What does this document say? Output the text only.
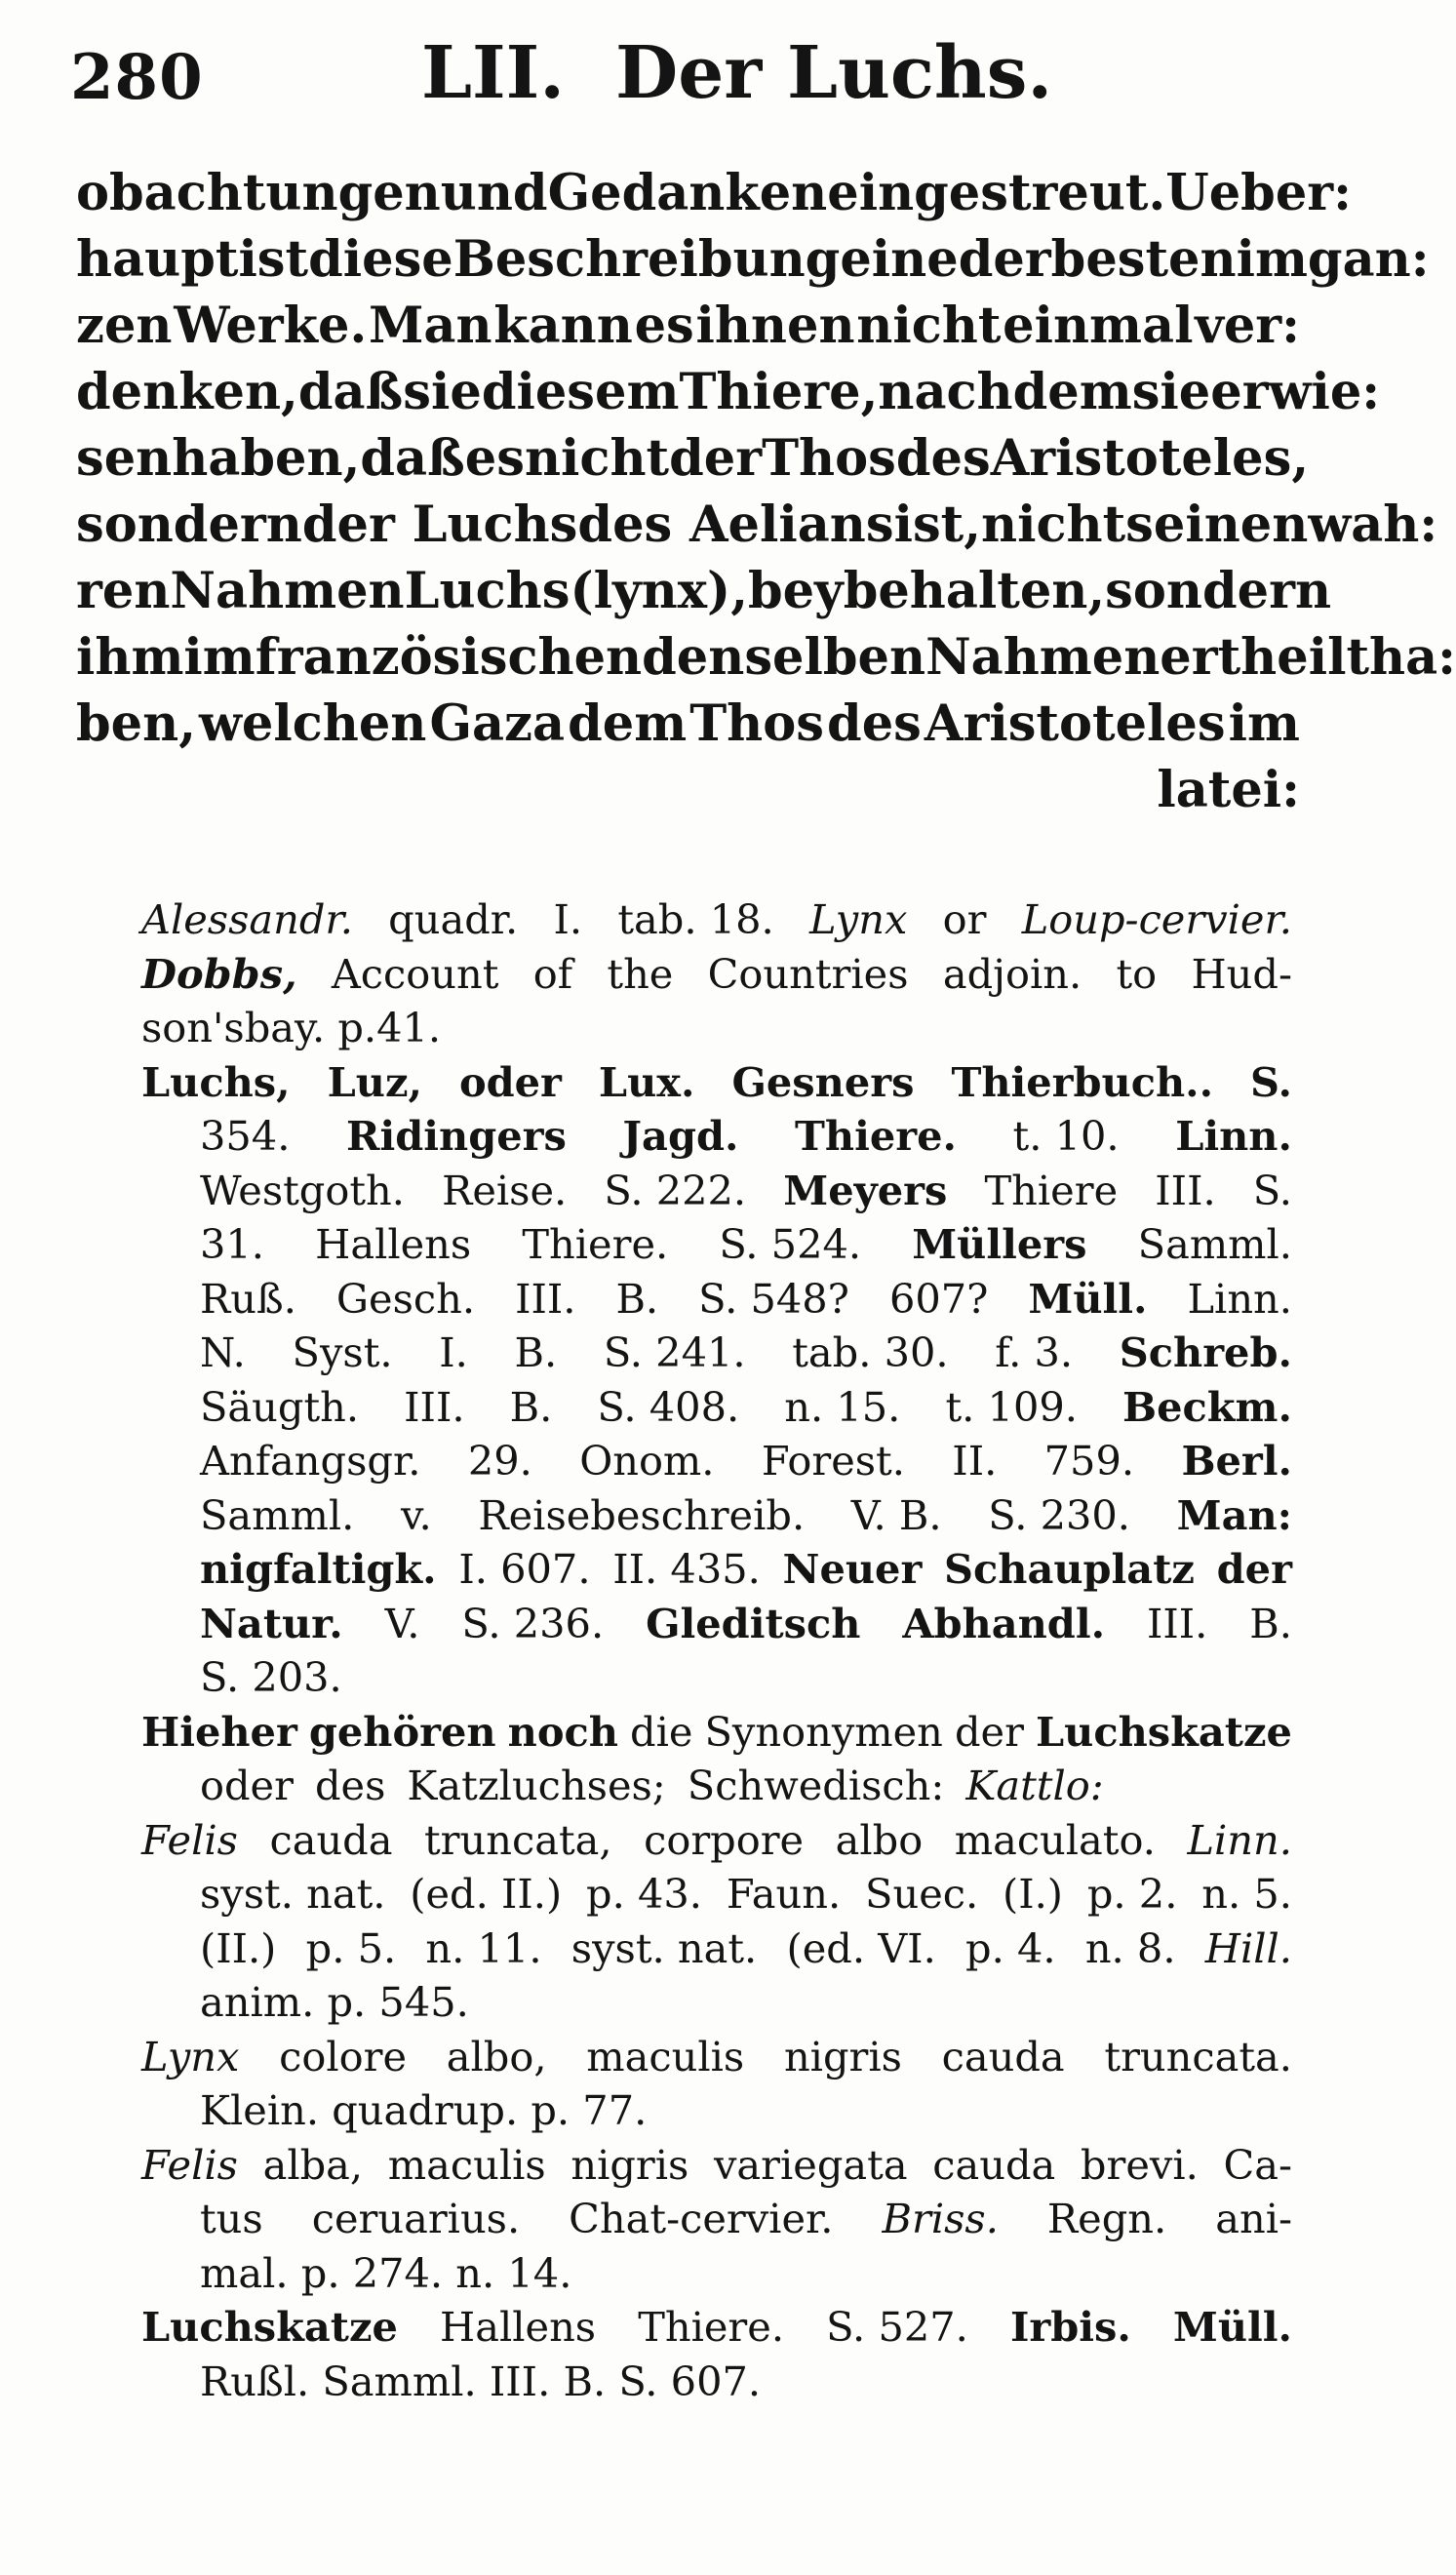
280	LII. Der Luchs.
obachtungen und Gedanken eingestreut. Ueber:
haupt ist diese Beschreibung eine der besten im gan:
zen Werke. Man kann es ihnen nicht einmal ver:
denken, daß sie diesem Thiere, nachdem sie erwie:
sen haben, daß es nicht der Thos des Aristoteles,
sondern der Luchs des Aelians ist, nicht seinen wah:
ren Nahmen Luchs (lynx), beybehalten, sondern
ihm im französischen denselben Nahmen ertheilt ha:
ben, welchen Gaza dem Thos des Aristoteles im
latei:
Alessandr. quadr. I. tab. 18. Lynx or Loup-cervier.
Dobbs, Account of the Countries adjoin. to Hud-
son'sbay. p.41.
Luchs, Luz, oder Lux. Gesners Thierbuch.. S.
354. Ridingers Jagd. Thiere. t. 10. Linn.
Westgoth. Reise. S. 222. Meyers Thiere III. S.
31. Hallens Thiere. S. 524. Müllers Samml.
Ruß. Gesch. III. B. S. 548? 607? Müll. Linn.
N. Syst. I. B. S. 241. tab. 30. f. 3. Schreb.
Säugth. III. B. S. 408. n. 15. t. 109. Beckm.
Anfangsgr. 29. Onom. Forest. II. 759. Berl.
Samml. v. Reisebeschreib. V. B. S. 230. Man:
nigfaltigk. I. 607. II. 435. Neuer Schauplatz der
Natur. V. S. 236. Gleditsch Abhandl. III. B.
S. 203.
Hieher gehören noch die Synonymen der Luchskatze
oder des Katzluchses; Schwedisch: Kattlo:
Felis cauda truncata, corpore albo maculato. Linn.
syst. nat. (ed. II.) p. 43. Faun. Suec. (I.) p. 2. n. 5.
(II.) p. 5. n. 11. syst. nat. (ed. VI. p. 4. n. 8. Hill.
anim. p. 545.
Lynx colore albo, maculis nigris cauda truncata.
Klein. quadrup. p. 77.
Felis alba, maculis nigris variegata cauda brevi. Ca-
tus ceruarius. Chat-cervier. Briss. Regn. ani-
mal. p. 274. n. 14.
Luchskatze Hallens Thiere. S. 527. Irbis. Müll.
Rußl. Samml. III. B. S. 607.
